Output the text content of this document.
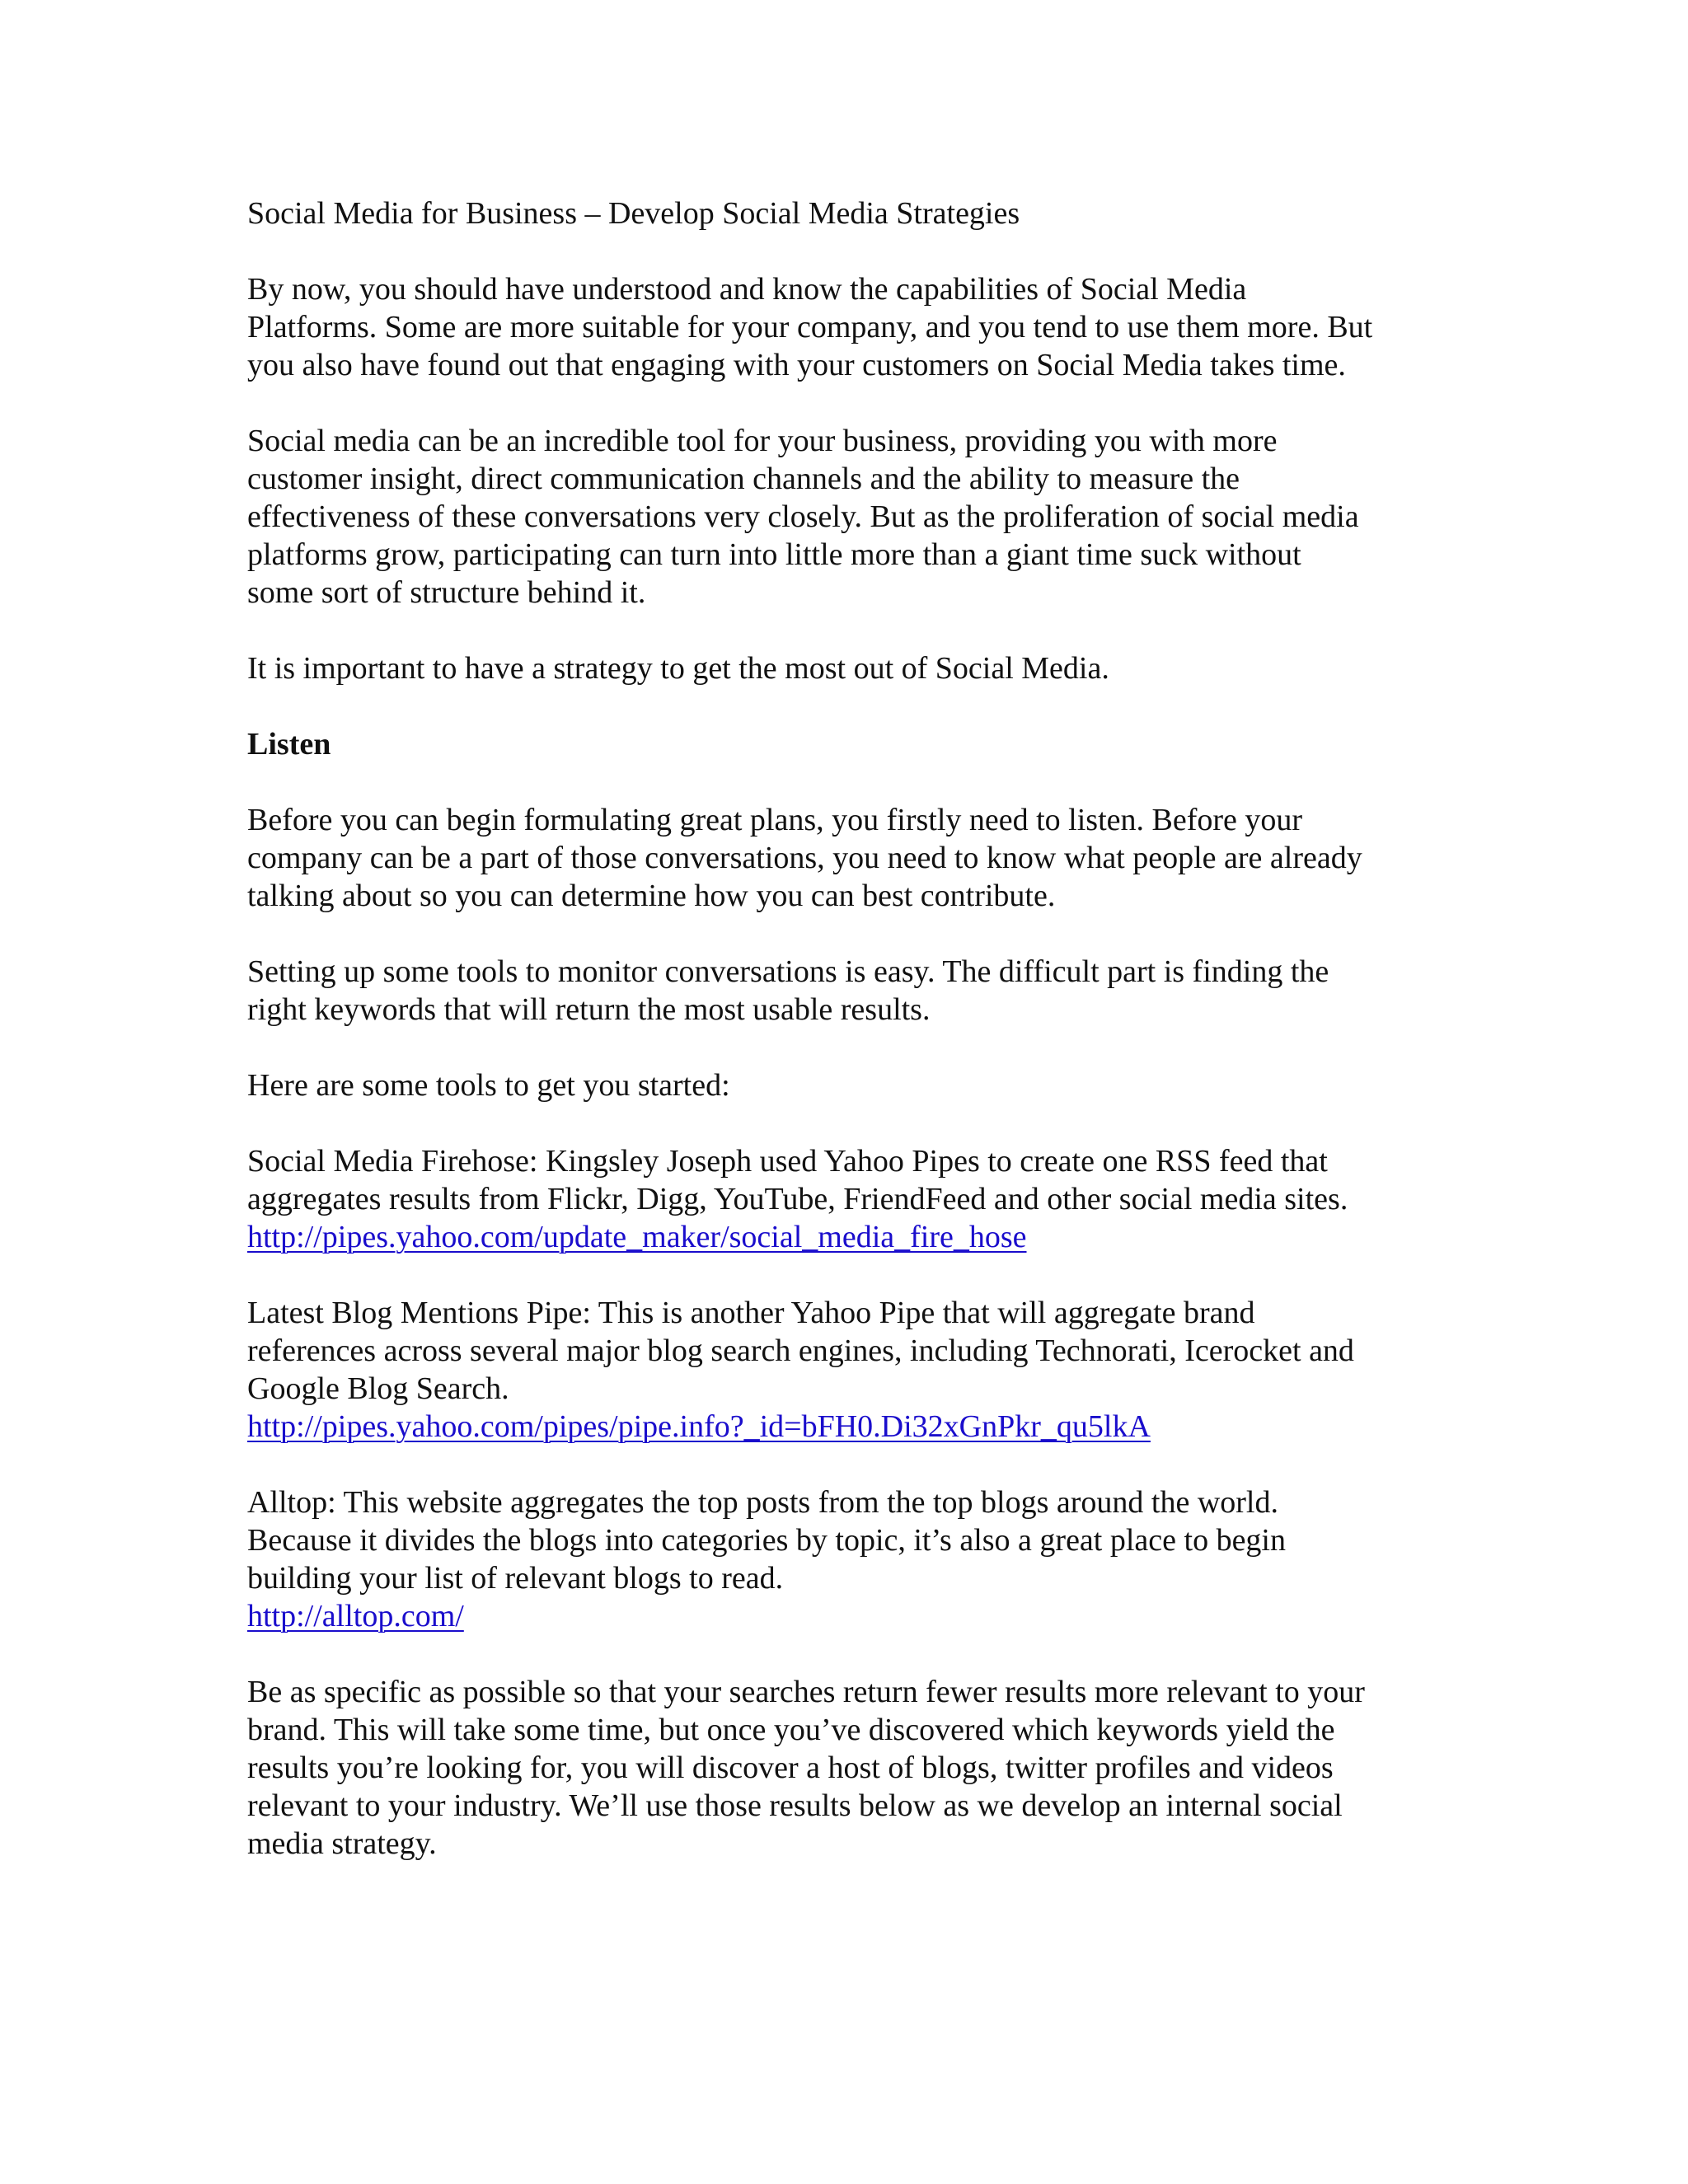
Social Media for Business – Develop Social Media Strategies

By now, you should have understood and know the capabilities of Social Media
Platforms. Some are more suitable for your company, and you tend to use them more. But
you also have found out that engaging with your customers on Social Media takes time.

Social media can be an incredible tool for your business, providing you with more
customer insight, direct communication channels and the ability to measure the
effectiveness of these conversations very closely. But as the proliferation of social media
platforms grow, participating can turn into little more than a giant time suck without
some sort of structure behind it.

It is important to have a strategy to get the most out of Social Media.

Listen

Before you can begin formulating great plans, you firstly need to listen. Before your
company can be a part of those conversations, you need to know what people are already
talking about so you can determine how you can best contribute.

Setting up some tools to monitor conversations is easy. The difficult part is finding the
right keywords that will return the most usable results.

Here are some tools to get you started:

Social Media Firehose: Kingsley Joseph used Yahoo Pipes to create one RSS feed that
aggregates results from Flickr, Digg, YouTube, FriendFeed and other social media sites.
http://pipes.yahoo.com/update_maker/social_media_fire_hose

Latest Blog Mentions Pipe: This is another Yahoo Pipe that will aggregate brand
references across several major blog search engines, including Technorati, Icerocket and
Google Blog Search.
http://pipes.yahoo.com/pipes/pipe.info?_id=bFH0.Di32xGnPkr_qu5lkA

Alltop: This website aggregates the top posts from the top blogs around the world.
Because it divides the blogs into categories by topic, it’s also a great place to begin
building your list of relevant blogs to read.
http://alltop.com/

Be as specific as possible so that your searches return fewer results more relevant to your
brand. This will take some time, but once you’ve discovered which keywords yield the
results you’re looking for, you will discover a host of blogs, twitter profiles and videos
relevant to your industry. We’ll use those results below as we develop an internal social
media strategy.
